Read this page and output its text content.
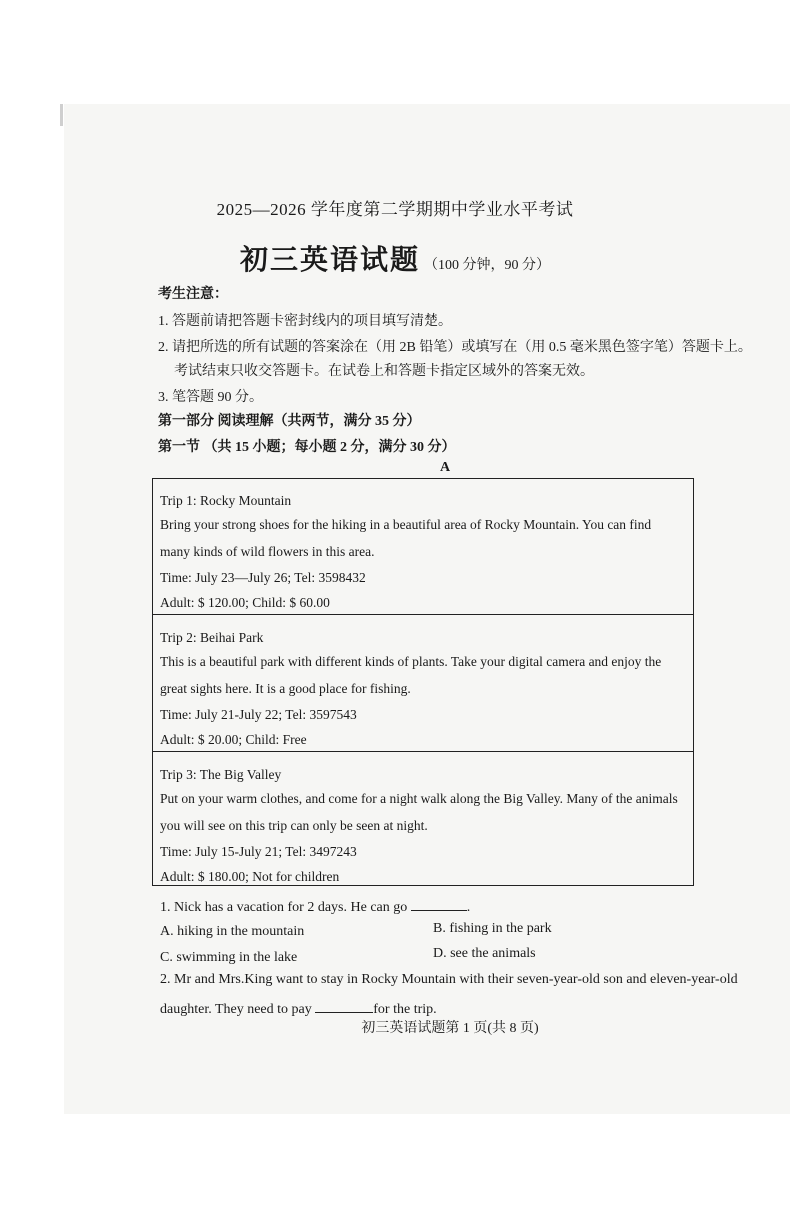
2025—2026 学年度第二学期期中学业水平考试
初三英语试题 （100 分钟，90 分）
考生注意：
1. 答题前请把答题卡密封线内的项目填写清楚。
2. 请把所选的所有试题的答案涂在（用 2B 铅笔）或填写在（用 0.5 毫米黑色签字笔）答题卡上。
考试结束只收交答题卡。在试卷上和答题卡指定区域外的答案无效。
3. 笔答题 90 分。
第一部分 阅读理解（共两节，满分 35 分）
第一节 （共 15 小题；每小题 2 分，满分 30 分）
A
Trip 1: Rocky Mountain
Bring your strong shoes for the hiking in a beautiful area of Rocky Mountain. You can find
many kinds of wild flowers in this area.
Time: July 23—July 26; Tel: 3598432
Adult: $ 120.00; Child: $ 60.00
Trip 2: Beihai Park
This is a beautiful park with different kinds of plants. Take your digital camera and enjoy the
great sights here. It is a good place for fishing.
Time: July 21-July 22; Tel: 3597543
Adult: $ 20.00; Child: Free
Trip 3: The Big Valley
Put on your warm clothes, and come for a night walk along the Big Valley. Many of the animals
you will see on this trip can only be seen at night.
Time: July 15-July 21; Tel: 3497243
Adult: $ 180.00; Not for children
1. Nick has a vacation for 2 days. He can go	.
A. hiking in the mountain	B. fishing in the park
C. swimming in the lake	D. see the animals
2. Mr and Mrs.King want to stay in Rocky Mountain with their seven-year-old son and eleven-year-old
daughter. They need to pay	for the trip.
初三英语试题第 1 页(共 8 页)
